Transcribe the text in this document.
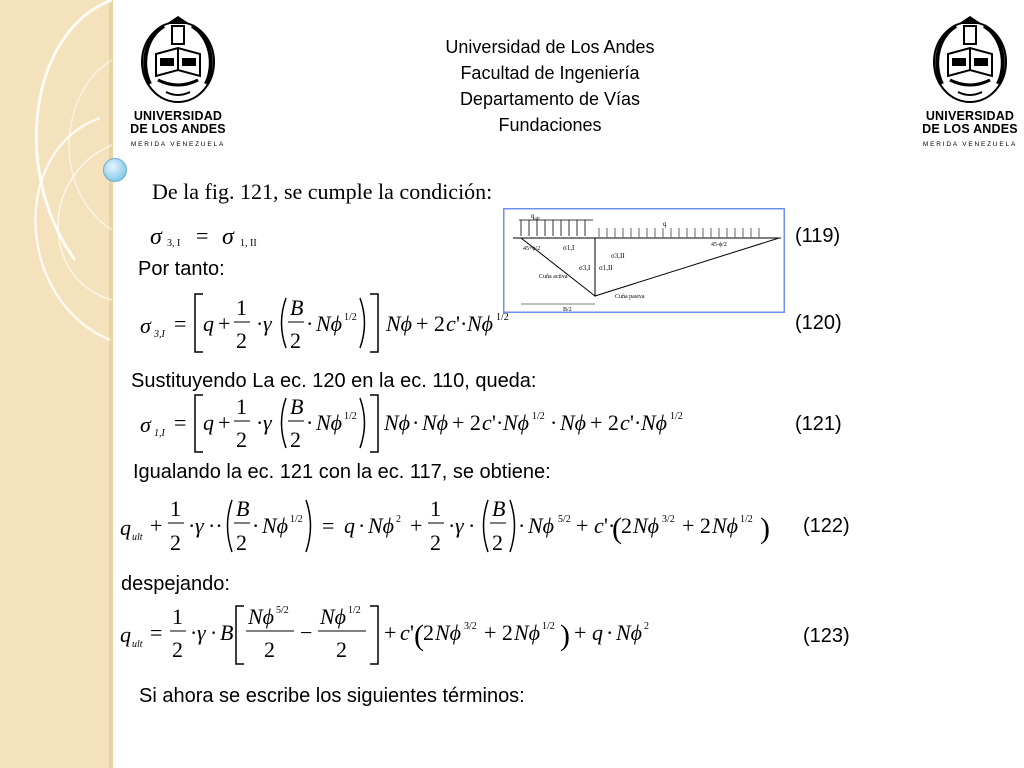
UNIVERSIDAD
DE LOS ANDES
MERIDA VENEZUELA
UNIVERSIDAD
DE LOS ANDES
MERIDA VENEZUELA
Universidad de Los Andes
Facultad de Ingeniería
Departamento de Vías
Fundaciones
De la fig. 121, se cumple la condición:
Por tanto:
Sustituyendo La ec. 120 en la ec. 110, queda:
Igualando la ec. 121 con la ec. 117, se obtiene:
despejando:
Si ahora se escribe los siguientes términos:
(119)
(120)
(121)
(122)
(123)
σ 3, I = σ 1, II
σ 3,I = q +
1
2
· γ
B
2
· Nϕ 1/2 Nϕ + 2 c '· Nϕ 1/2
σ 1,I = q +
1
2
· γ
B
2
· Nϕ 1/2 Nϕ · Nϕ + 2 c '· Nϕ 1/2 · Nϕ + 2 c '· Nϕ 1/2
q ult +
1
2
· γ ··
B
2
· Nϕ 1/2 = q · Nϕ 2 +
1
2
· γ ·
B
2
· Nϕ 5/2 + c '·
( 2 Nϕ 3/2 + 2 Nϕ 1/2 )
q ult =
1
2
· γ · B
Nϕ 5/2
2
−
Nϕ 1/2
2
+ c ' ( 2 Nϕ 3/2 + 2 Nϕ 1/2 ) + q · Nϕ 2
$q_{ult}$
q
45+ϕ/2
45-ϕ/2
σ1,I
σ3,I
σ3,II
σ1,II
Cuña activa
Cuña pasiva
B/2
